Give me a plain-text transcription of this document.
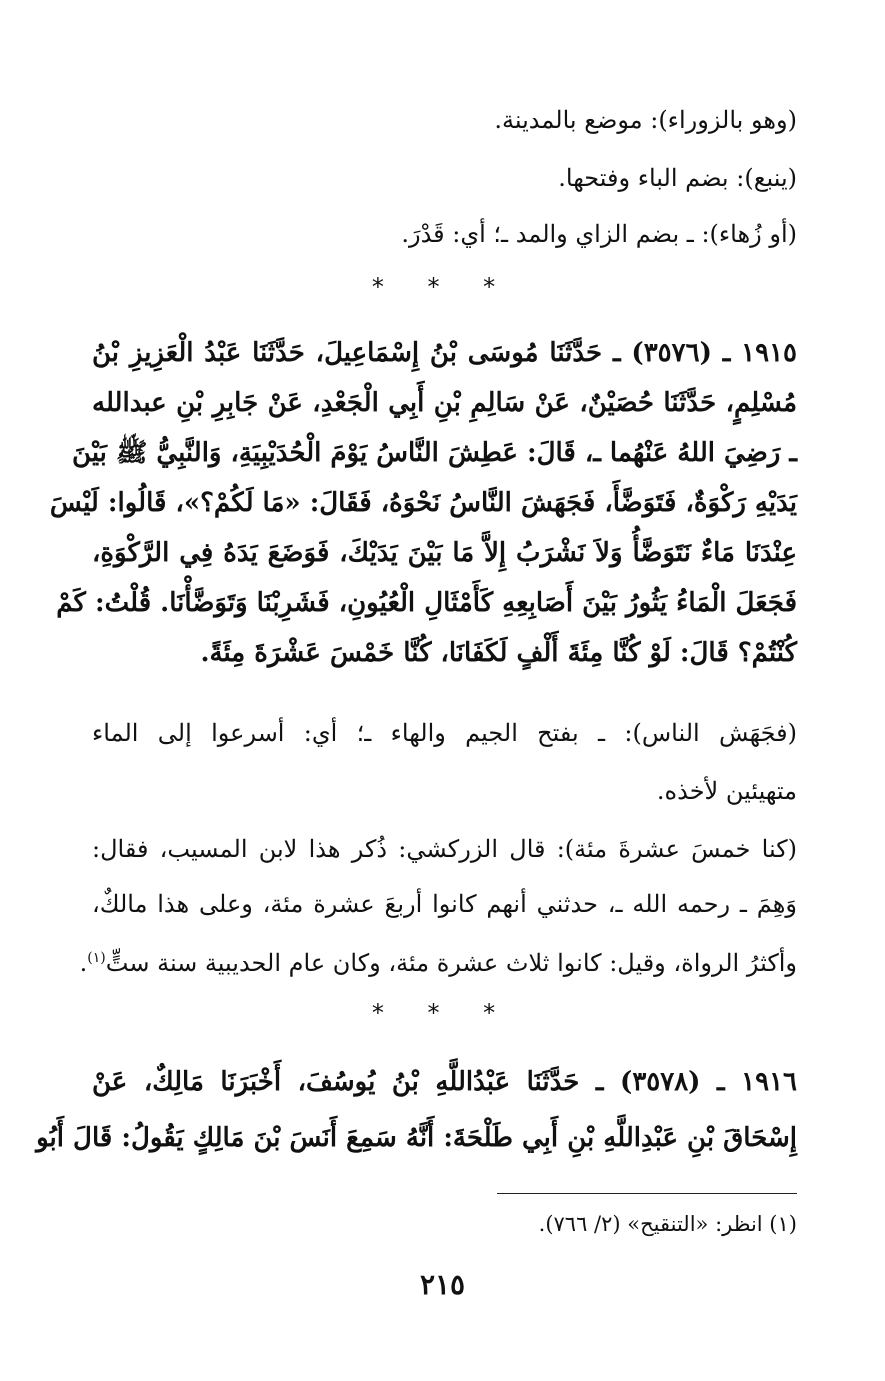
(وهو بالزوراء): موضع بالمدينة.
(ينبع): بضم الباء وفتحها.
(أو زُهاء): ـ بضم الزاي والمد ـ؛ أي: قَدْرَ.
* * *
١٩١٥ ـ (٣٥٧٦) ـ حَدَّثَنَا مُوسَى بْنُ إِسْمَاعِيلَ، حَدَّثَنَا عَبْدُ الْعَزِيزِ بْنُ
مُسْلِمٍ، حَدَّثَنَا حُصَيْنٌ، عَنْ سَالِمِ بْنِ أَبِي الْجَعْدِ، عَنْ جَابِرِ بْنِ عبدالله
ـ رَضِيَ اللهُ عَنْهُما ـ، قَالَ: عَطِشَ النَّاسُ يَوْمَ الْحُدَيْبِيَةِ، وَالنَّبِيُّ ﷺ بَيْنَ
يَدَيْهِ رَكْوَةٌ، فَتَوَضَّأَ، فَجَهَشَ النَّاسُ نَحْوَهُ، فَقَالَ: «مَا لَكُمْ؟»، قَالُوا: لَيْسَ
عِنْدَنَا مَاءٌ نَتَوَضَّأُ وَلاَ نَشْرَبُ إِلاَّ مَا بَيْنَ يَدَيْكَ، فَوَضَعَ يَدَهُ فِي الرَّكْوَةِ،
فَجَعَلَ الْمَاءُ يَثُورُ بَيْنَ أَصَابِعِهِ كَأَمْثَالِ الْعُيُونِ، فَشَرِبْنَا وَتَوَضَّأْنَا. قُلْتُ: كَمْ
كُنْتُمْ؟ قَالَ: لَوْ كُنَّا مِئَةَ أَلْفٍ لَكَفَانَا، كُنَّا خَمْسَ عَشْرَةَ مِئَةً.
(فجَهَش الناس): ـ بفتح الجيم والهاء ـ؛ أي: أسرعوا إلى الماء
متهيئين لأخذه.
(كنا خمسَ عشرةَ مئة): قال الزركشي: ذُكر هذا لابن المسيب، فقال:
وَهِمَ ـ رحمه الله ـ، حدثني أنهم كانوا أربعَ عشرة مئة، وعلى هذا مالكٌ،
وأكثرُ الرواة، وقيل: كانوا ثلاث عشرة مئة، وكان عام الحديبية سنة ستٍّ$^{(١)}$.
* * *
١٩١٦ ـ (٣٥٧٨) ـ حَدَّثَنَا عَبْدُاللَّهِ بْنُ يُوسُفَ، أَخْبَرَنَا مَالِكٌ، عَنْ
إِسْحَاقَ بْنِ عَبْدِاللَّهِ بْنِ أَبِي طَلْحَةَ: أَنَّهُ سَمِعَ أَنَسَ بْنَ مَالِكٍ يَقُولُ: قَالَ أَبُو
(١) انظر: «التنقيح» (٢/ ٧٦٦).
٢١٥
